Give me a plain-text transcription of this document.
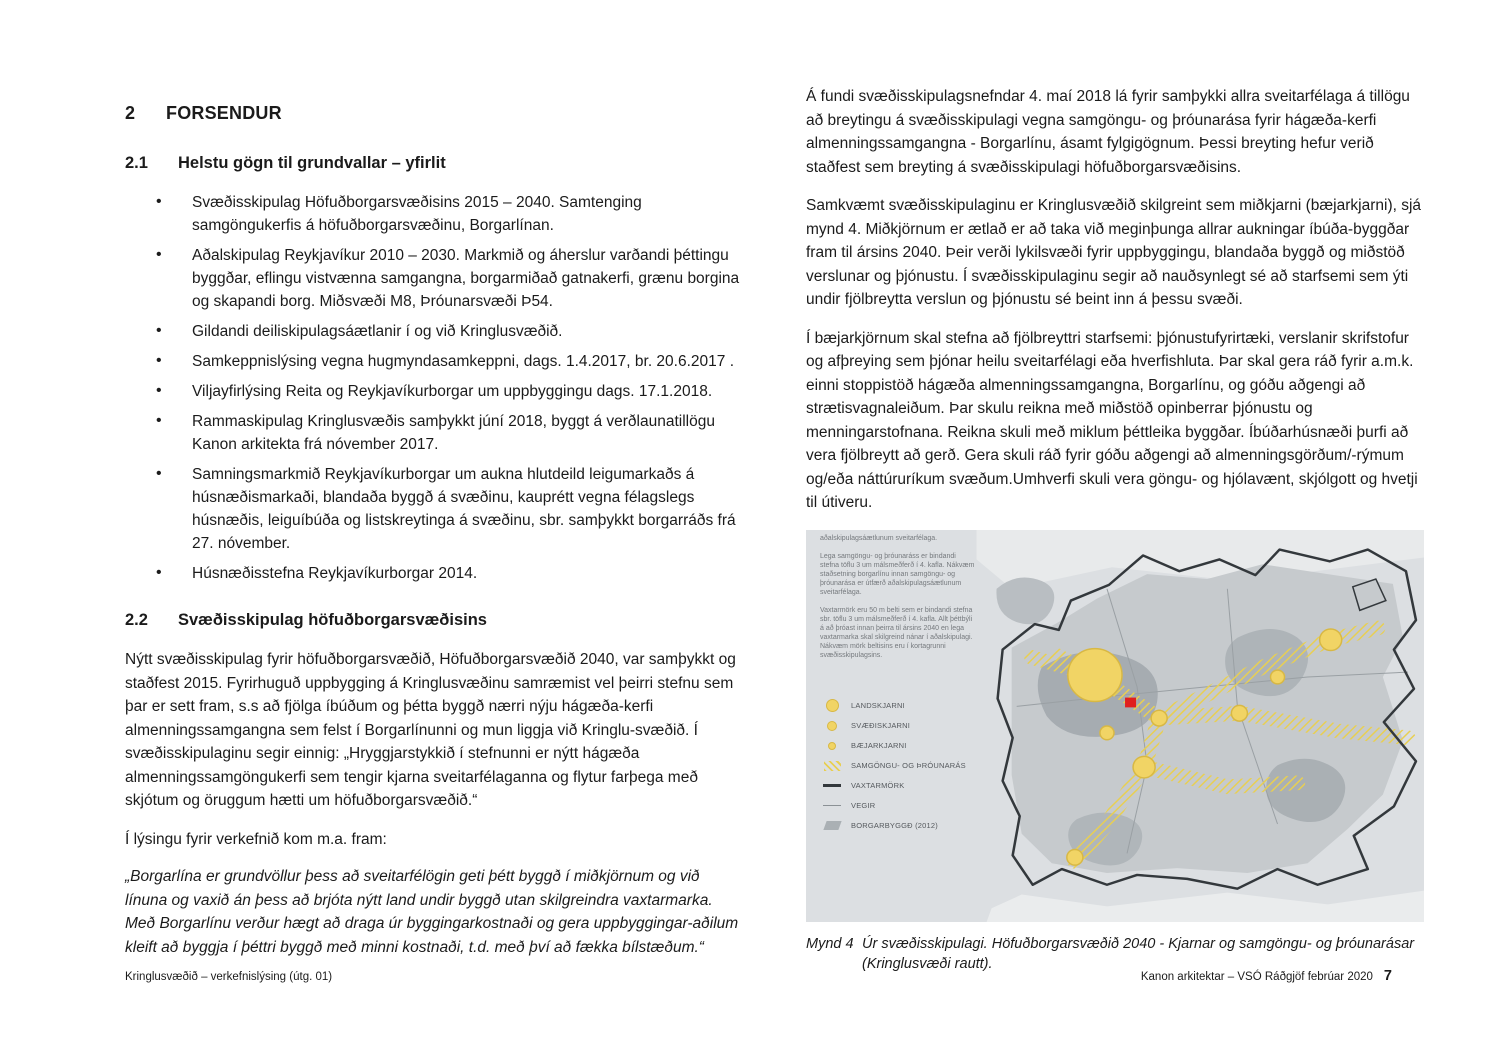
2 FORSENDUR
2.1 Helstu gögn til grundvallar – yfirlit
• Svæðisskipulag Höfuðborgarsvæðisins 2015 – 2040. Samtenging samgöngukerfis á höfuðborgarsvæðinu, Borgarlínan.
• Aðalskipulag Reykjavíkur 2010 – 2030. Markmið og áherslur varðandi þéttingu byggðar, eflingu vistvænna samgangna, borgarmiðað gatnakerfi, grænu borgina og skapandi borg. Miðsvæði M8, Þróunarsvæði Þ54.
• Gildandi deiliskipulagsáætlanir í og við Kringlusvæðið.
• Samkeppnislýsing vegna hugmyndasamkeppni, dags. 1.4.2017, br. 20.6.2017 .
• Viljayfirlýsing Reita og Reykjavíkurborgar um uppbyggingu dags. 17.1.2018.
• Rammaskipulag Kringlusvæðis samþykkt júní 2018, byggt á verðlaunatillögu Kanon arkitekta frá nóvember 2017.
• Samningsmarkmið Reykjavíkurborgar um aukna hlutdeild leigumarkaðs á húsnæðismarkaði, blandaða byggð á svæðinu, kauprétt vegna félagslegs húsnæðis, leiguíbúða og listskreytinga á svæðinu, sbr. samþykkt borgarráðs frá 27. nóvember.
• Húsnæðisstefna Reykjavíkurborgar 2014.
2.2 Svæðisskipulag höfuðborgarsvæðisins

Nýtt svæðisskipulag fyrir höfuðborgarsvæðið, Höfuðborgarsvæðið 2040, var samþykkt og staðfest 2015. Fyrirhuguð uppbygging á Kringlusvæðinu samræmist vel þeirri stefnu sem þar er sett fram, s.s að fjölga íbúðum og þétta byggð nærri nýju hágæða-kerfi almenningssamgangna sem felst í Borgarlínunni og mun liggja við Kringlu-svæðið. Í svæðisskipulaginu segir einnig: „Hryggjarstykkið í stefnunni er nýtt hágæða almenningssamgöngukerfi sem tengir kjarna sveitarfélaganna og flytur farþega með skjótum og öruggum hætti um höfuðborgarsvæðið.“

Í lýsingu fyrir verkefnið kom m.a. fram:

„Borgarlína er grundvöllur þess að sveitarfélögin geti þétt byggð í miðkjörnum og við línuna og vaxið án þess að brjóta nýtt land undir byggð utan skilgreindra vaxtarmarka. Með Borgarlínu verður hægt að draga úr byggingarkostnaði og gera uppbyggingar-aðilum kleift að byggja í þéttri byggð með minni kostnaði, t.d. með því að fækka bílstæðum.“

Á fundi svæðisskipulagsnefndar 4. maí 2018 lá fyrir samþykki allra sveitarfélaga á tillögu að breytingu á svæðisskipulagi vegna samgöngu- og þróunarása fyrir hágæða-kerfi almenningssamgangna - Borgarlínu, ásamt fylgigögnum. Þessi breyting hefur verið staðfest sem breyting á svæðisskipulagi höfuðborgarsvæðisins.

Samkvæmt svæðisskipulaginu er Kringlusvæðið skilgreint sem miðkjarni (bæjarkjarni), sjá mynd 4. Miðkjörnum er ætlað er að taka við meginþunga allrar aukningar íbúða-byggðar fram til ársins 2040. Þeir verði lykilsvæði fyrir uppbyggingu, blandaða byggð og miðstöð verslunar og þjónustu. Í svæðisskipulaginu segir að nauðsynlegt sé að starfsemi sem ýti undir fjölbreytta verslun og þjónustu sé beint inn á þessu svæði.

Í bæjarkjörnum skal stefna að fjölbreyttri starfsemi: þjónustufyrirtæki, verslanir skrifstofur og afþreying sem þjónar heilu sveitarfélagi eða hverfishluta. Þar skal gera ráð fyrir a.m.k. einni stoppistöð hágæða almenningssamgangna, Borgarlínu, og góðu aðgengi að strætisvagnaleiðum. Þar skulu reikna með miðstöð opinberrar þjónustu og menningarstofnana. Reikna skuli með miklum þéttleika byggðar. Íbúðarhúsnæði þurfi að vera fjölbreytt að gerð. Gera skuli ráð fyrir góðu aðgengi að almenningsgörðum/-rýmum og/eða náttúruríkum svæðum.Umhverfi skuli vera göngu- og hjólavænt, skjólgott og hvetji til útiveru.

aðalskipulagsáætlunum sveitarfélaga.

Lega samgöngu- og þróunaráss er bindandi stefna töflu 3 um málsmeðferð í 4. kafla. Nákvæm staðsetning borgarlínu innan samgöngu- og þróunarása er útfærð aðalskipulagsáætlunum sveitarfélaga.

Vaxtarmörk eru 50 m belti sem er bindandi stefna sbr. töflu 3 um málsmeðferð í 4. kafla. Allt þéttbýli á að þróast innan þeirra til ársins 2040 en lega vaxtarmarka skal skilgreind nánar í aðalskipulagi. Nákvæm mörk beltisins eru í kortagrunni svæðisskipulagsins.

LANDSKJARNI
SVÆÐISKJARNI
BÆJARKJARNI
SAMGÖNGU- OG ÞRÓUNARÁS
VAXTARMÖRK
VEGIR
BORGARBYGGÐ (2012)
Mynd 4 Úr svæðisskipulagi. Höfuðborgarsvæðið 2040 - Kjarnar og samgöngu- og þróunarásar (Kringlusvæði rautt).
Kringlusvæðið – verkefnislýsing (útg. 01)	Kanon arkitektar – VSÓ Ráðgjöf febrúar 2020 7
